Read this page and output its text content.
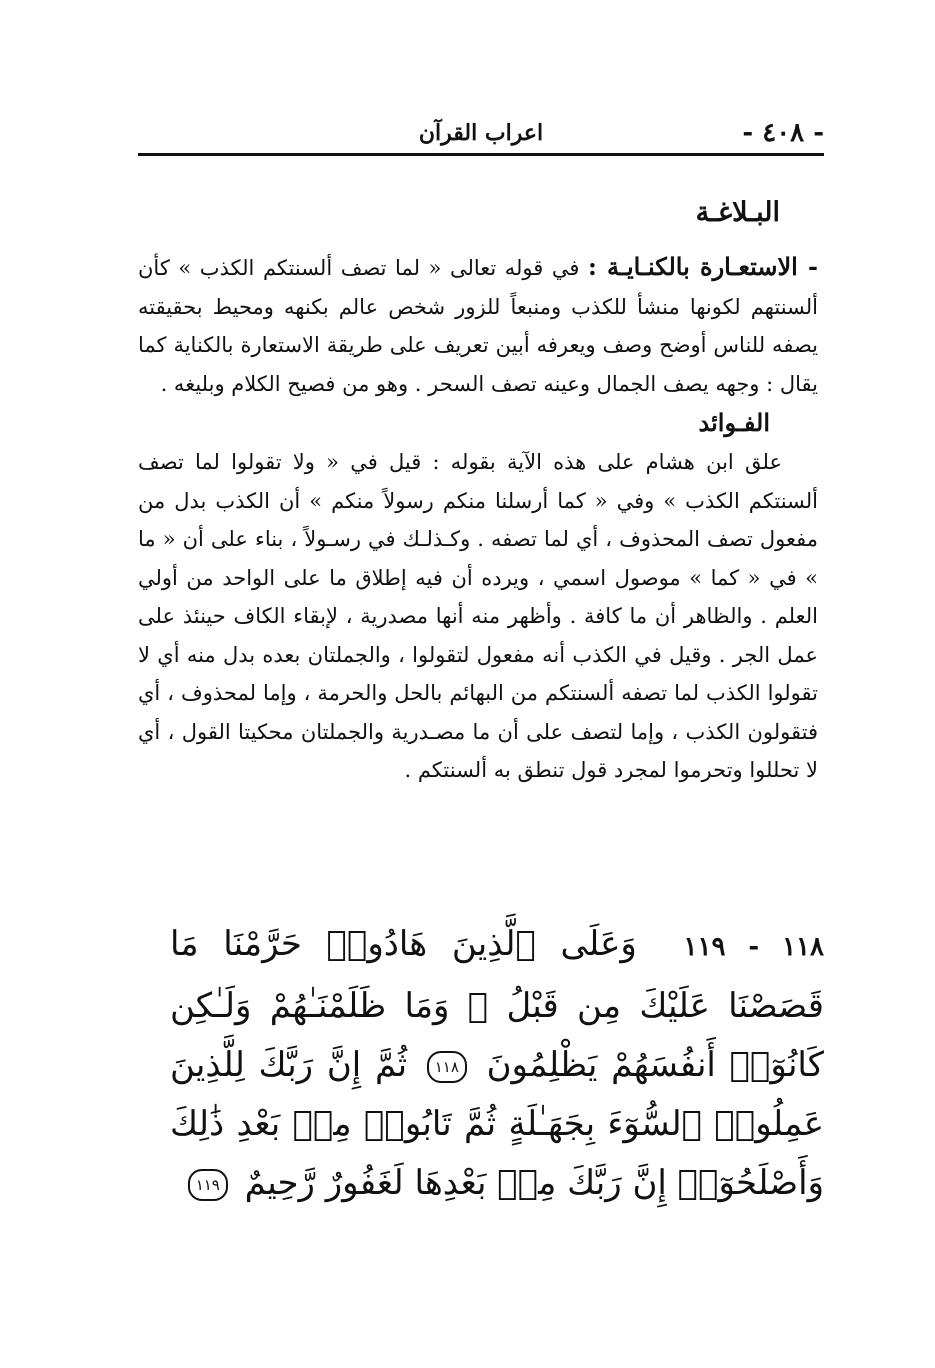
- ٤٠٨ -
اعراب القرآن
البـلاغـة

- الاستعـارة بالكنـايـة : في قوله تعالى « لما تصف ألسنتكم الكذب » كأن ألسنتهم لكونها منشأ للكذب ومنبعاً للزور شخص عالم بكنهه ومحيط بحقيقته يصفه للناس أوضح وصف ويعرفه أبين تعريف على طريقة الاستعارة بالكناية كما يقال : وجهه يصف الجمال وعينه تصف السحر . وهو من فصيح الكلام وبليغه .

الفـوائد

علق ابن هشام على هذه الآية بقوله : قيل في « ولا تقولوا لما تصف ألسنتكم الكذب » وفي « كما أرسلنا منكم رسولاً منكم » أن الكذب بدل من مفعول تصف المحذوف ، أي لما تصفه . وكـذلـك في رسـولاً ، بناء على أن « ما » في « كما » موصول اسمي ، ويرده أن فيه إطلاق ما على الواحد من أولي العلم . والظاهر أن ما كافة . وأظهر منه أنها مصدرية ، لإبقاء الكاف حينئذ على عمل الجر . وقيل في الكذب أنه مفعول لتقولوا ، والجملتان بعده بدل منه أي لا تقولوا الكذب لما تصفه ألسنتكم من البهائم بالحل والحرمة ، وإما لمحذوف ، أي فتقولون الكذب ، وإما لتصف على أن ما مصـدرية والجملتان محكيتا القول ، أي لا تحللوا وتحرموا لمجرد قول تنطق به ألسنتكم .

١١٨ - ١١٩ وَعَلَى ٱلَّذِينَ هَادُوا۟ حَرَّمْنَا مَا قَصَصْنَا عَلَيْكَ مِن قَبْلُ ۖ وَمَا ظَلَمْنَـٰهُمْ وَلَـٰكِن كَانُوٓا۟ أَنفُسَهُمْ يَظْلِمُونَ ١١٨ ثُمَّ إِنَّ رَبَّكَ لِلَّذِينَ عَمِلُوا۟ ٱلسُّوٓءَ بِجَهَـٰلَةٍ ثُمَّ تَابُوا۟ مِنۢ بَعْدِ ذَٰلِكَ وَأَصْلَحُوٓا۟ إِنَّ رَبَّكَ مِنۢ بَعْدِهَا لَغَفُورٌ رَّحِيمٌ ١١٩
